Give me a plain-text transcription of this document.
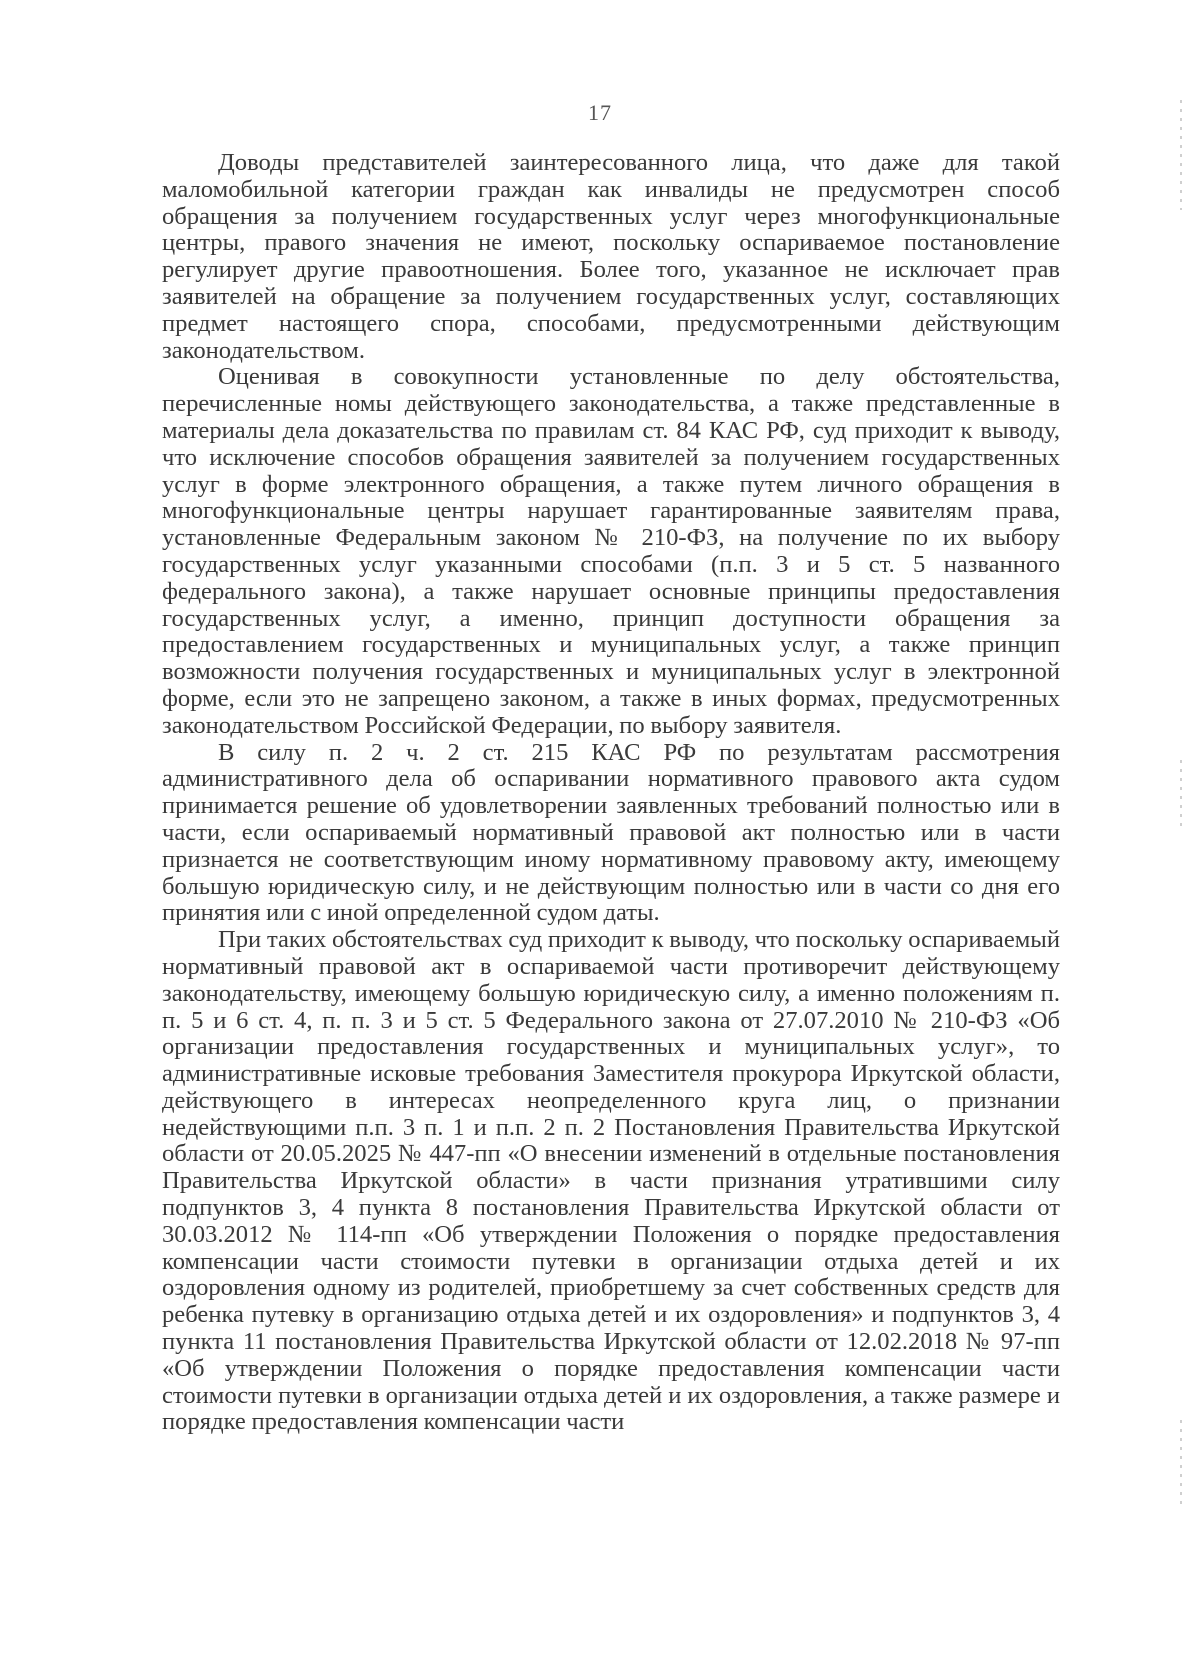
17

Доводы представителей заинтересованного лица, что даже для такой маломобильной категории граждан как инвалиды не предусмотрен способ обращения за получением государственных услуг через многофункциональные центры, правого значения не имеют, поскольку оспариваемое постановление регулирует другие правоотношения. Более того, указанное не исключает прав заявителей на обращение за получением государственных услуг, составляющих предмет настоящего спора, способами, предусмотренными действующим законодательством.

Оценивая в совокупности установленные по делу обстоятельства, перечисленные номы действующего законодательства, а также представленные в материалы дела доказательства по правилам ст. 84 КАС РФ, суд приходит к выводу, что исключение способов обращения заявителей за получением государственных услуг в форме электронного обращения, а также путем личного обращения в многофункциональные центры нарушает гарантированные заявителям права, установленные Федеральным законом № 210-ФЗ, на получение по их выбору государственных услуг указанными способами (п.п. 3 и 5 ст. 5 названного федерального закона), а также нарушает основные принципы предоставления государственных услуг, а именно, принцип доступности обращения за предоставлением государственных и муниципальных услуг, а также принцип возможности получения государственных и муниципальных услуг в электронной форме, если это не запрещено законом, а также в иных формах, предусмотренных законодательством Российской Федерации, по выбору заявителя.

В силу п. 2 ч. 2 ст. 215 КАС РФ по результатам рассмотрения административного дела об оспаривании нормативного правового акта судом принимается решение об удовлетворении заявленных требований полностью или в части, если оспариваемый нормативный правовой акт полностью или в части признается не соответствующим иному нормативному правовому акту, имеющему большую юридическую силу, и не действующим полностью или в части со дня его принятия или с иной определенной судом даты.

При таких обстоятельствах суд приходит к выводу, что поскольку оспариваемый нормативный правовой акт в оспариваемой части противоречит действующему законодательству, имеющему большую юридическую силу, а именно положениям п. п. 5 и 6 ст. 4, п. п. 3 и 5 ст. 5 Федерального закона от 27.07.2010 № 210-ФЗ «Об организации предоставления государственных и муниципальных услуг», то административные исковые требования Заместителя прокурора Иркутской области, действующего в интересах неопределенного круга лиц, о признании недействующими п.п. 3 п. 1 и п.п. 2 п. 2 Постановления Правительства Иркутской области от 20.05.2025 № 447-пп «О внесении изменений в отдельные постановления Правительства Иркутской области» в части признания утратившими силу подпунктов 3, 4 пункта 8 постановления Правительства Иркутской области от 30.03.2012 № 114-пп «Об утверждении Положения о порядке предоставления компенсации части стоимости путевки в организации отдыха детей и их оздоровления одному из родителей, приобретшему за счет собственных средств для ребенка путевку в организацию отдыха детей и их оздоровления» и подпунктов 3, 4 пункта 11 постановления Правительства Иркутской области от 12.02.2018 № 97-пп «Об утверждении Положения о порядке предоставления компенсации части стоимости путевки в организации отдыха детей и их оздоровления, а также размере и порядке предоставления компенсации части
